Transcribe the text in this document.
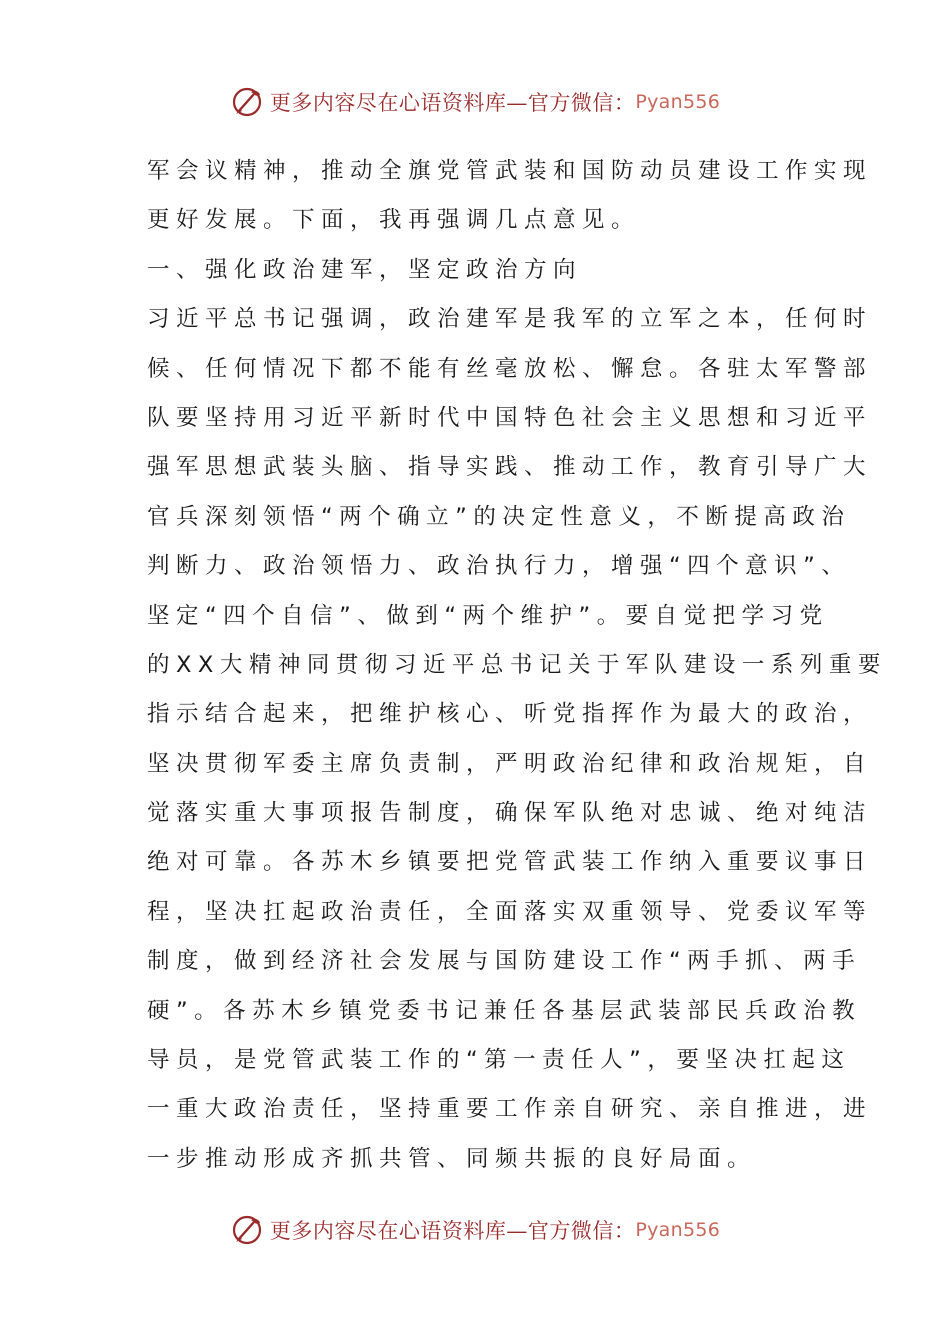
更多内容尽在心语资料库—官方微信： Pyan556
军会议精神，推动全旗党管武装和国防动员建设工作实现
更好发展。下面，我再强调几点意见。
一、强化政治建军，坚定政治方向
习近平总书记强调，政治建军是我军的立军之本，任何时
候、任何情况下都不能有丝毫放松、懈怠。各驻太军警部
队要坚持用习近平新时代中国特色社会主义思想和习近平
强军思想武装头脑、指导实践、推动工作，教育引导广大
官兵深刻领悟“两个确立”的决定性意义，不断提高政治
判断力、政治领悟力、政治执行力，增强“四个意识”、
坚定“四个自信”、做到“两个维护”。要自觉把学习党
的XX大精神同贯彻习近平总书记关于军队建设一系列重要
指示结合起来，把维护核心、听党指挥作为最大的政治，
坚决贯彻军委主席负责制，严明政治纪律和政治规矩，自
觉落实重大事项报告制度，确保军队绝对忠诚、绝对纯洁
绝对可靠。各苏木乡镇要把党管武装工作纳入重要议事日
程，坚决扛起政治责任，全面落实双重领导、党委议军等
制度，做到经济社会发展与国防建设工作“两手抓、两手
硬”。各苏木乡镇党委书记兼任各基层武装部民兵政治教
导员，是党管武装工作的“第一责任人”，要坚决扛起这
一重大政治责任，坚持重要工作亲自研究、亲自推进，进
一步推动形成齐抓共管、同频共振的良好局面。
更多内容尽在心语资料库—官方微信： Pyan556
